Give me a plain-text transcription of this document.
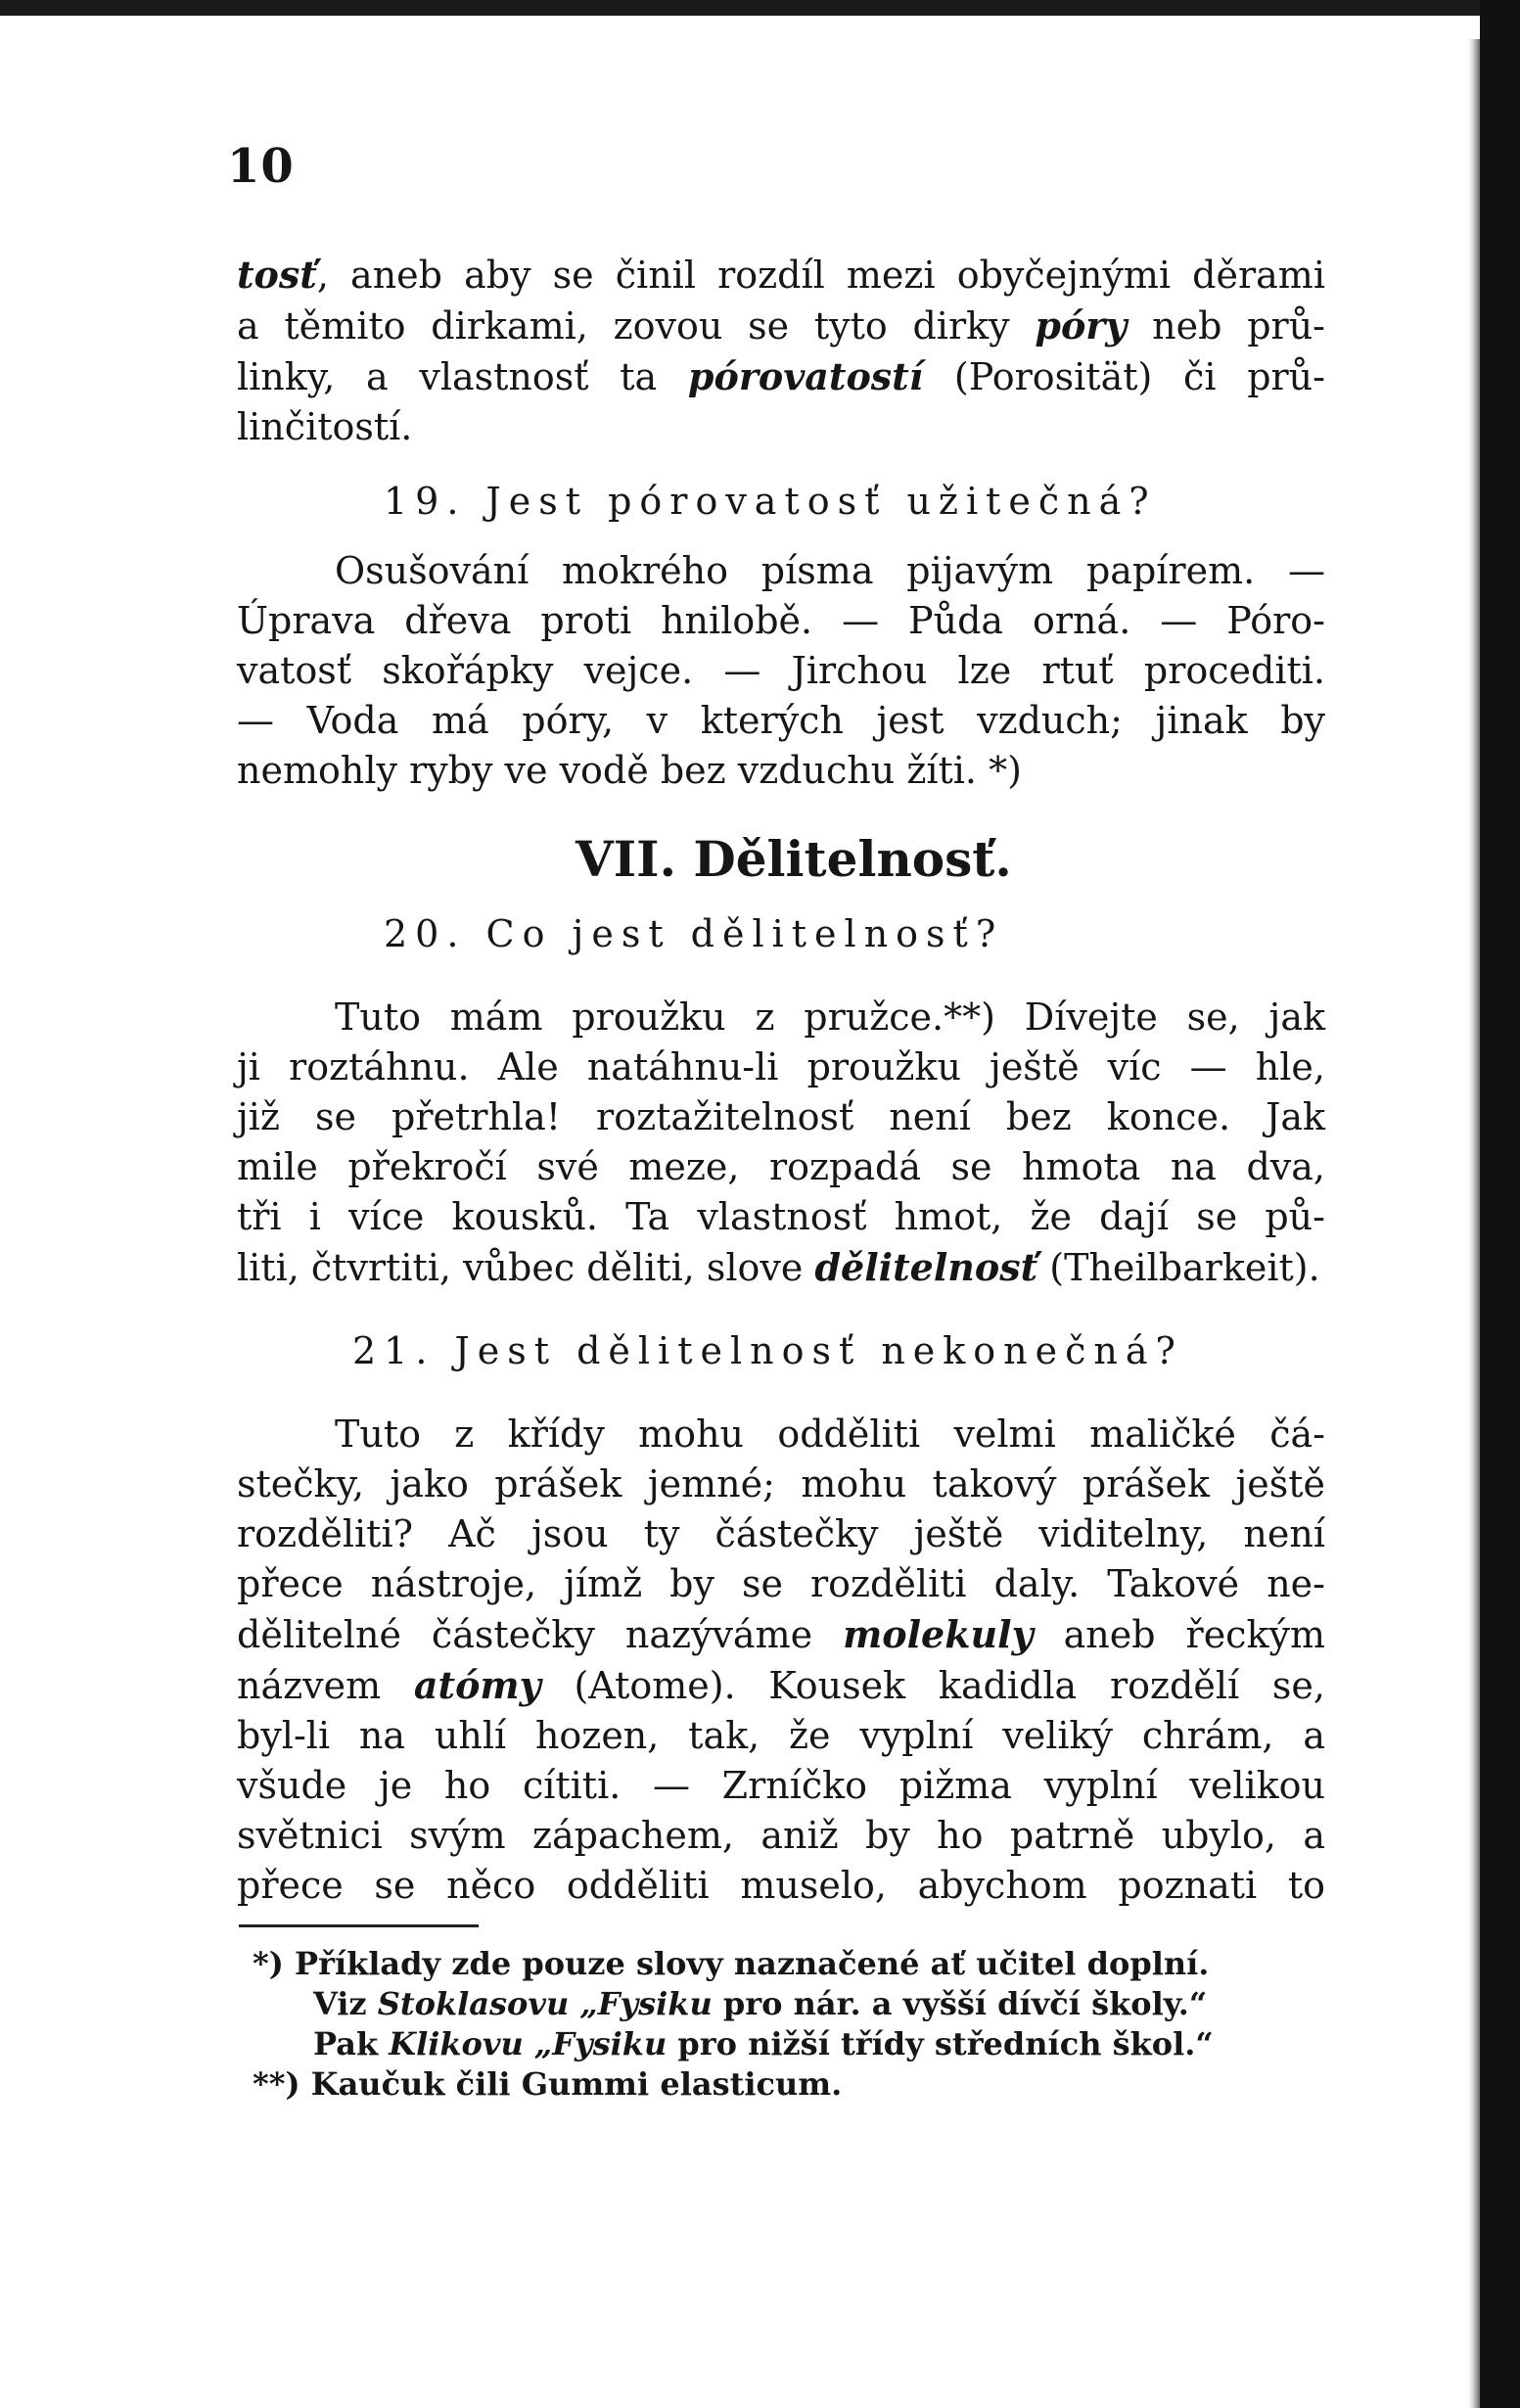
10

tosť, aneb aby se činil rozdíl mezi obyčejnými děrami
a těmito dirkami, zovou se tyto dirky póry neb prů-
linky, a vlastnosť ta pórovatostí (Porosität) či prů-
linčitostí.

19. Jest pórovatosť užitečná?

Osušování mokrého písma pijavým papírem. —
Úprava dřeva proti hnilobě. — Půda orná. — Póro-
vatosť skořápky vejce. — Jirchou lze rtuť procediti.
— Voda má póry, v kterých jest vzduch; jinak by
nemohly ryby ve vodě bez vzduchu žíti. *)

VII. Dělitelnosť.
20. Co jest dělitelnosť?

Tuto mám proužku z pružce.**) Dívejte se, jak
ji roztáhnu. Ale natáhnu-li proužku ještě víc — hle,
již se přetrhla! roztažitelnosť není bez konce. Jak
mile překročí své meze, rozpadá se hmota na dva,
tři i více kousků. Ta vlastnosť hmot, že dají se pů-
liti, čtvrtiti, vůbec děliti, slove dělitelnosť (Theilbarkeit).

21. Jest dělitelnosť nekonečná?

Tuto z křídy mohu odděliti velmi maličké čá-
stečky, jako prášek jemné; mohu takový prášek ještě
rozděliti? Ač jsou ty částečky ještě viditelny, není
přece nástroje, jímž by se rozděliti daly. Takové ne-
dělitelné částečky nazýváme molekuly aneb řeckým
názvem atómy (Atome). Kousek kadidla rozdělí se,
byl-li na uhlí hozen, tak, že vyplní veliký chrám, a
všude je ho cítiti. — Zrníčko pižma vyplní velikou
světnici svým zápachem, aniž by ho patrně ubylo, a
přece se něco odděliti muselo, abychom poznati to

*) Příklady zde pouze slovy naznačené ať učitel doplní.
Viz Stoklasovu „Fysiku pro nár. a vyšší dívčí školy.“
Pak Klikovu „Fysiku pro nižší třídy středních škol.“
**) Kaučuk čili Gummi elasticum.
